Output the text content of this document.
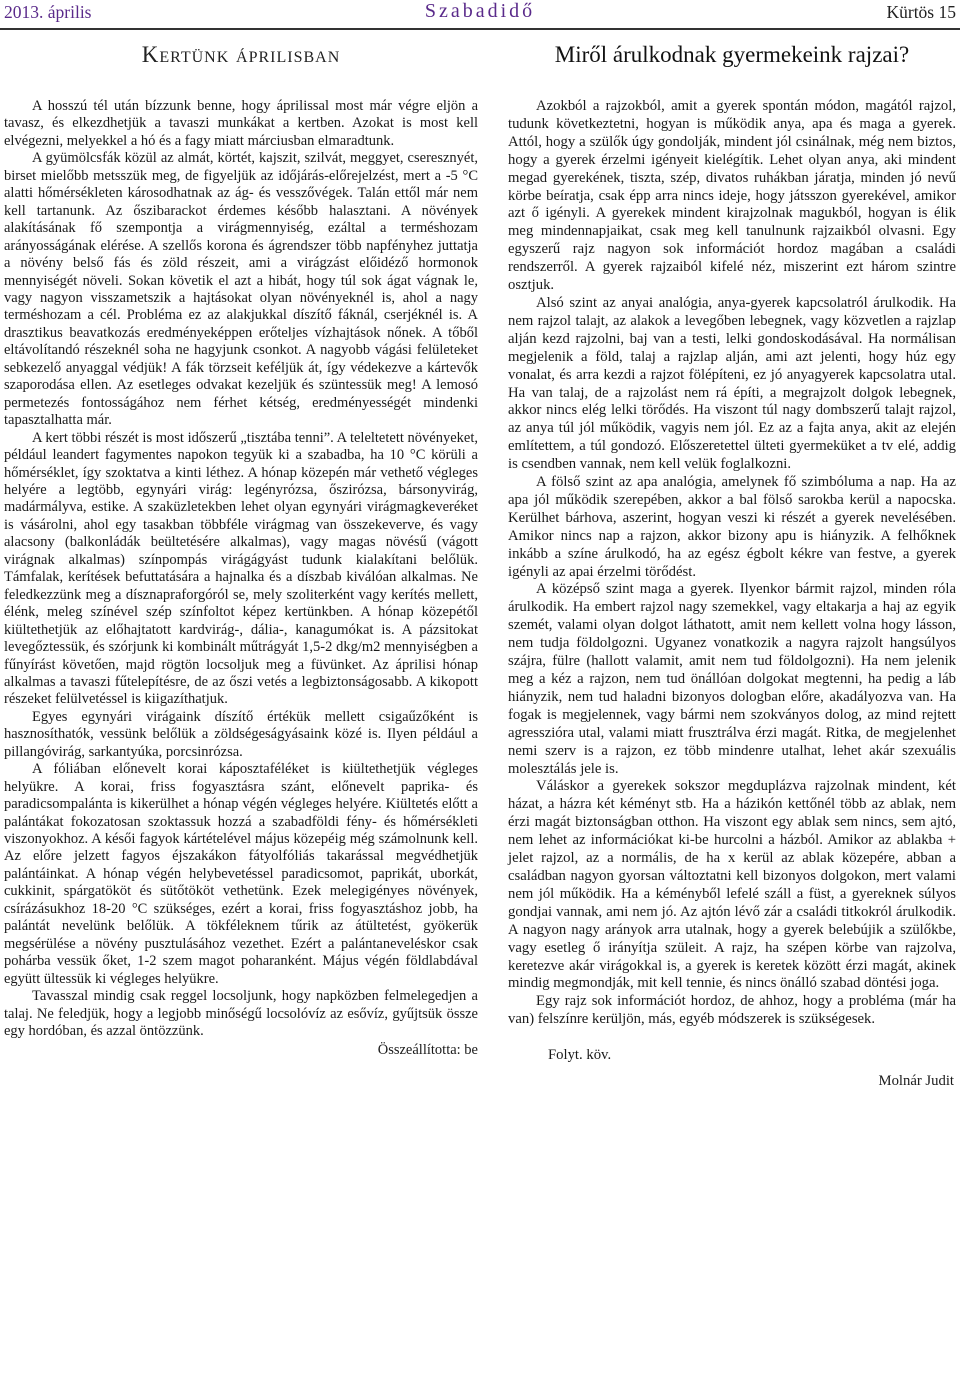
Szabadidő
2013. április	Kürtös 15
Kertünk áprilisban

A hosszú tél után bízzunk benne, hogy áprilissal most már végre eljön a tavasz, és elkezdhetjük a tavaszi munkákat a kertben. Azokat is most kell elvégezni, melyekkel a hó és a fagy miatt márciusban elmaradtunk.

A gyümölcsfák közül az almát, körtét, kajszit, szilvát, meggyet, cseresznyét, birset mielőbb metsszük meg, de figyeljük az időjárás-előrejelzést, mert a -5 °C alatti hőmérsékleten károsodhatnak az ág- és vesszővégek. Talán ettől már nem kell tartanunk. Az őszibarackot érdemes később halasztani. A növények alakításának fő szempontja a virágmennyiség, ezáltal a terméshozam arányosságának elérése. A szellős korona és ágrendszer több napfényhez juttatja a növény belső fás és zöld részeit, ami a virágzást előidéző hormonok mennyiségét növeli. Sokan követik el azt a hibát, hogy túl sok ágat vágnak le, vagy nagyon visszametszik a hajtásokat olyan növényeknél is, ahol a nagy terméshozam a cél. Probléma ez az alakjukkal díszítő fáknál, cserjéknél is. A drasztikus beavatkozás eredményeképpen erőteljes vízhajtások nőnek. A tőből eltávolítandó részeknél soha ne hagyjunk csonkot. A nagyobb vágási felületeket sebkezelő anyaggal védjük! A fák törzseit keféljük át, így védekezve a kártevők szaporodása ellen. Az esetleges odvakat kezeljük és szüntessük meg! A lemosó permetezés fontosságához nem férhet kétség, eredményességét mindenki tapasztalhatta már.

A kert többi részét is most időszerű „tisztába tenni”. A teleltetett növényeket, például leandert fagymentes napokon tegyük ki a szabadba, ha 10 °C körüli a hőmérséklet, így szoktatva a kinti léthez. A hónap közepén már vethető végleges helyére a legtöbb, egynyári virág: legényrózsa, őszirózsa, bársonyvirág, madármályva, estike. A szaküzletekben lehet olyan egynyári virágmagkeveréket is vásárolni, ahol egy tasakban többféle virágmag van összekeverve, és vagy alacsony (balkonládák beültetésére alkalmas), vagy magas növésű (vágott virágnak alkalmas) színpompás virágágyást tudunk kialakítani belőlük. Támfalak, kerítések befuttatására a hajnalka és a díszbab kiválóan alkalmas. Ne feledkezzünk meg a dísznapraforgóról se, mely szoliterként vagy kerítés mellett, élénk, meleg színével szép színfoltot képez kertünkben. A hónap közepétől kiültethetjük az előhajtatott kardvirág-, dália-, kanagumókat is. A pázsitokat levegőztessük, és szórjunk ki kombinált műtrágyát 1,5-2 dkg/m2 mennyiségben a fűnyírást követően, majd rögtön locsoljuk meg a füvünket. Az áprilisi hónap alkalmas a tavaszi fűtelepítésre, de az őszi vetés a legbiztonságosabb. A kikopott részeket felülvetéssel is kiigazíthatjuk.

Egyes egynyári virágaink díszítő értékük mellett csigaűzőként is hasznosíthatók, vessünk belőlük a zöldségeságyásaink közé is. Ilyen például a pillangóvirág, sarkantyúka, porcsinrózsa.

A fóliában előnevelt korai káposztaféléket is kiültethetjük végleges helyükre. A korai, friss fogyasztásra szánt, előnevelt paprika- és paradicsompalánta is kikerülhet a hónap végén végleges helyére. Kiültetés előtt a palántákat fokozatosan szoktassuk hozzá a szabadföldi fény- és hőmérsékleti viszonyokhoz. A késői fagyok kártételével május közepéig még számolnunk kell. Az előre jelzett fagyos éjszakákon fátyolfóliás takarással megvédhetjük palántáinkat. A hónap végén helybevetéssel paradicsomot, paprikát, uborkát, cukkinit, spárgatököt és sütőtököt vethetünk. Ezek melegigényes növények, csírázásukhoz 18-20 °C szükséges, ezért a korai, friss fogyasztáshoz jobb, ha palántát nevelünk belőlük. A tökféleknem tűrik az átültetést, gyökerük megsérülése a növény pusztulásához vezethet. Ezért a palántaneveléskor csak pohárba vessük őket, 1-2 szem magot poharanként. Május végén földlabdával együtt ültessük ki végleges helyükre.

Tavasszal mindig csak reggel locsoljunk, hogy napközben felmelegedjen a talaj. Ne feledjük, hogy a legjobb minőségű locsolóvíz az esővíz, gyűjtsük össze egy hordóban, és azzal öntözzünk.

Összeállította: be
Miről árulkodnak gyermekeink rajzai?

Azokból a rajzokból, amit a gyerek spontán módon, magától rajzol, tudunk következtetni, hogyan is működik anya, apa és maga a gyerek. Attól, hogy a szülők úgy gondolják, mindent jól csinálnak, még nem biztos, hogy a gyerek érzelmi igényeit kielégítik. Lehet olyan anya, aki mindent megad gyerekének, tiszta, szép, divatos ruhákban járatja, minden jó nevű körbe beíratja, csak épp arra nincs ideje, hogy játsszon gyerekével, amikor azt ő igényli. A gyerekek mindent kirajzolnak magukból, hogyan is élik meg mindennapjaikat, csak meg kell tanulnunk rajzaikból olvasni. Egy egyszerű rajz nagyon sok információt hordoz magában a családi rendszerről. A gyerek rajzaiból kifelé néz, miszerint ezt három szintre osztjuk.

Alsó szint az anyai analógia, anya-gyerek kapcsolatról árulkodik. Ha nem rajzol talajt, az alakok a levegőben lebegnek, vagy közvetlen a rajzlap alján kezd rajzolni, baj van a testi, lelki gondoskodásával. Ha normálisan megjelenik a föld, talaj a rajzlap alján, ami azt jelenti, hogy húz egy vonalat, és arra kezdi a rajzot fölépíteni, ez jó anyagyerek kapcsolatra utal. Ha van talaj, de a rajzolást nem rá építi, a megrajzolt dolgok lebegnek, akkor nincs elég lelki törődés. Ha viszont túl nagy dombszerű talajt rajzol, az anya túl jól működik, vagyis nem jól. Ez az a fajta anya, akit az elején említettem, a túl gondozó. Előszeretettel ülteti gyermeküket a tv elé, addig is csendben vannak, nem kell velük foglalkozni.

A fölső szint az apa analógia, amelynek fő szimbóluma a nap. Ha az apa jól működik szerepében, akkor a bal fölső sarokba kerül a napocska. Kerülhet bárhova, aszerint, hogyan veszi ki részét a gyerek nevelésében. Amikor nincs nap a rajzon, akkor bizony apu is hiányzik. A felhőknek inkább a színe árulkodó, ha az egész égbolt kékre van festve, a gyerek igényli az apai érzelmi törődést.

A középső szint maga a gyerek. Ilyenkor bármit rajzol, minden róla árulkodik. Ha embert rajzol nagy szemekkel, vagy eltakarja a haj az egyik szemét, valami olyan dolgot láthatott, amit nem kellett volna hogy lásson, nem tudja földolgozni. Ugyanez vonatkozik a nagyra rajzolt hangsúlyos szájra, fülre (hallott valamit, amit nem tud földolgozni). Ha nem jelenik meg a kéz a rajzon, nem tud önállóan dolgokat megtenni, ha pedig a láb hiányzik, nem tud haladni bizonyos dologban előre, akadályozva van. Ha fogak is megjelennek, vagy bármi nem szokványos dolog, az mind rejtett agresszióra utal, valami miatt frusztrálva érzi magát. Ritka, de megjelenhet nemi szerv is a rajzon, ez több mindenre utalhat, lehet akár szexuális molesztálás jele is.

Váláskor a gyerekek sokszor megduplázva rajzolnak mindent, két házat, a házra két kéményt stb. Ha a házikón kettőnél több az ablak, nem érzi magát biztonságban otthon. Ha viszont egy ablak sem nincs, sem ajtó, nem lehet az információkat ki-be hurcolni a házból. Amikor az ablakba + jelet rajzol, az a normális, de ha x kerül az ablak közepére, abban a családban nagyon gyorsan változtatni kell bizonyos dolgokon, mert valami nem jól működik. Ha a kéményből lefelé száll a füst, a gyereknek súlyos gondjai vannak, ami nem jó. Az ajtón lévő zár a családi titkokról árulkodik. A nagyon nagy arányok arra utalnak, hogy a gyerek belebújik a szülőkbe, vagy esetleg ő irányítja szüleit. A rajz, ha szépen körbe van rajzolva, keretezve akár virágokkal is, a gyerek is keretek között érzi magát, akinek mindig megmondják, mit kell tennie, és nincs önálló szabad döntési joga.

Egy rajz sok információt hordoz, de ahhoz, hogy a probléma (már ha van) felszínre kerüljön, más, egyéb módszerek is szükségesek.

Folyt. köv.
Molnár Judit
